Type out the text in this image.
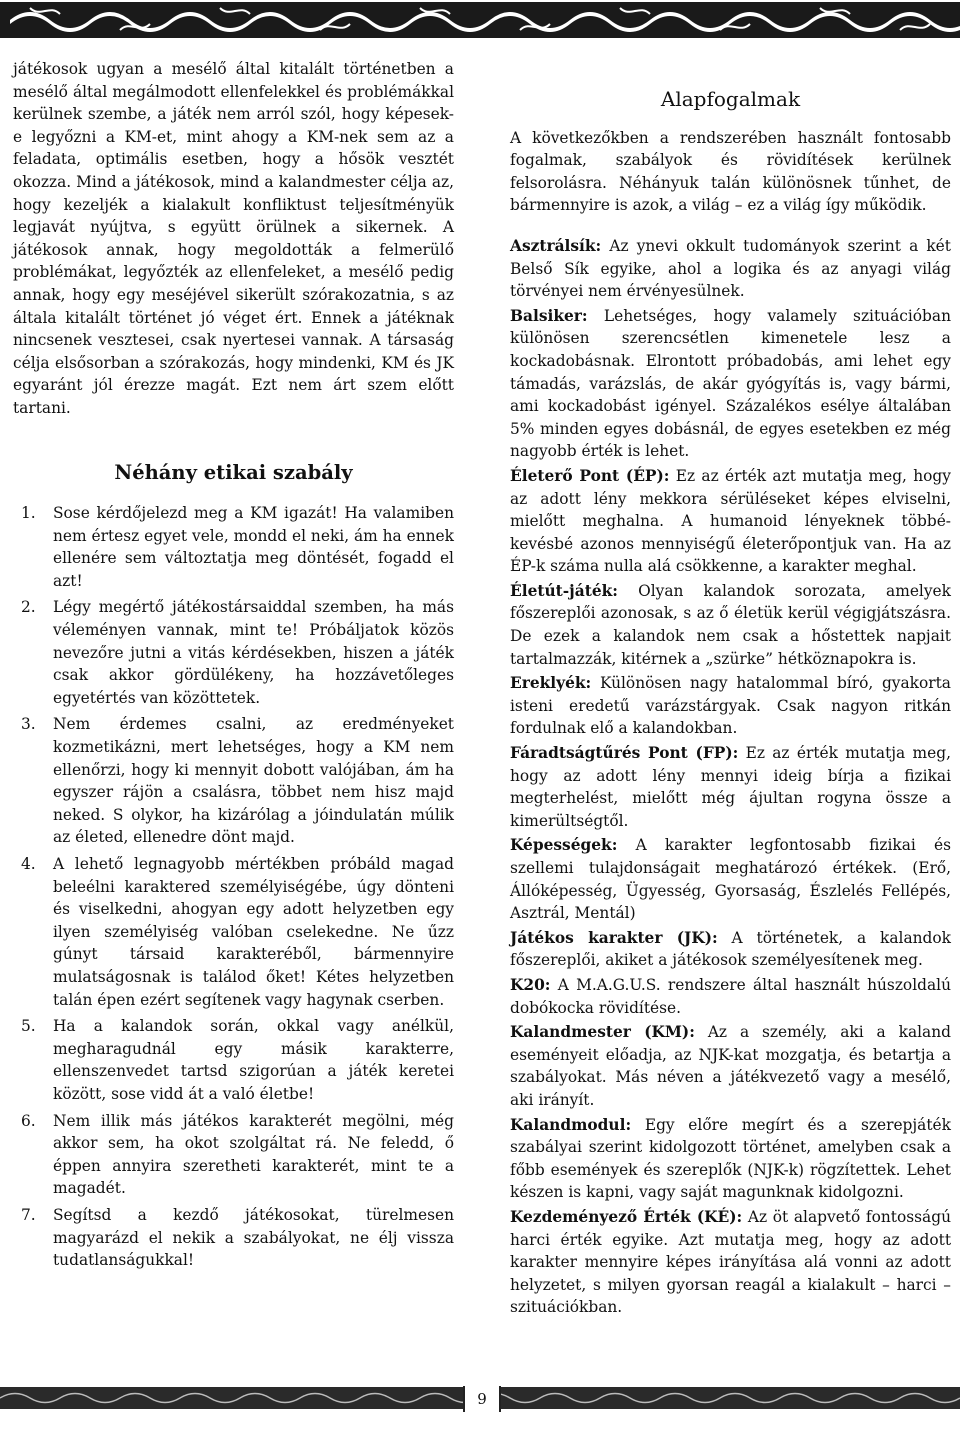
játékosok ugyan a mesélő által kitalált történetben a mesélő által megálmodott ellenfelekkel és problémákkal kerülnek szembe, a játék nem arról szól, hogy képesek-e legyőzni a KM-et, mint ahogy a KM-nek sem az a feladata, optimális esetben, hogy a hősök vesztét okozza. Mind a játékosok, mind a kalandmester célja az, hogy kezeljék a kialakult konfliktust teljesítményük legjavát nyújtva, s együtt örülnek a sikernek. A játékosok annak, hogy megoldották a felmerülő problémákat, legyőzték az ellenfeleket, a mesélő pedig annak, hogy egy meséjével sikerült szórakozatnia, s az általa kitalált történet jó véget ért. Ennek a játéknak nincsenek vesztesei, csak nyertesei vannak. A társaság célja elsősorban a szórakozás, hogy mindenki, KM és JK egyaránt jól érezze magát. Ezt nem árt szem előtt tartani.

Néhány etikai szabály
1. Sose kérdőjelezd meg a KM igazát! Ha valamiben nem értesz egyet vele, mondd el neki, ám ha ennek ellenére sem változtatja meg döntését, fogadd el azt!
2. Légy megértő játékostársaiddal szemben, ha más véleményen vannak, mint te! Próbáljatok közös nevezőre jutni a vitás kérdésekben, hiszen a játék csak akkor gördülékeny, ha hozzávetőleges egyetértés van közöttetek.
3. Nem érdemes csalni, az eredményeket kozmetikázni, mert lehetséges, hogy a KM nem ellenőrzi, hogy ki mennyit dobott valójában, ám ha egyszer rájön a csalásra, többet nem hisz majd neked. S olykor, ha kizárólag a jóindulatán múlik az életed, ellenedre dönt majd.
4. A lehető legnagyobb mértékben próbáld magad beleélni karaktered személyiségébe, úgy dönteni és viselkedni, ahogyan egy adott helyzetben egy ilyen személyiség valóban cselekedne. Ne űzz gúnyt társaid karakteréből, bármennyire mulatságosnak is találod őket! Kétes helyzetben talán épen ezért segítenek vagy hagynak cserben.
5. Ha a kalandok során, okkal vagy anélkül, megharagudnál egy másik karakterre, ellenszenvedet tartsd szigorúan a játék keretei között, sose vidd át a való életbe!
6. Nem illik más játékos karakterét megölni, még akkor sem, ha okot szolgáltat rá. Ne feledd, ő éppen annyira szeretheti karakterét, mint te a magadét.
7. Segítsd a kezdő játékosokat, türelmesen magyarázd el nekik a szabályokat, ne élj vissza tudatlanságukkal!
Alapfogalmak

A következőkben a rendszerében használt fontosabb fogalmak, szabályok és rövidítések kerülnek felsorolásra. Néhányuk talán különösnek tűnhet, de bármennyire is azok, a világ – ez a világ így működik.

Asztrálsík: Az ynevi okkult tudományok szerint a két Belső Sík egyike, ahol a logika és az anyagi világ törvényei nem érvényesülnek.

Balsiker: Lehetséges, hogy valamely szituációban különösen szerencsétlen kimenetele lesz a kockadobásnak. Elrontott próbadobás, ami lehet egy támadás, varázslás, de akár gyógyítás is, vagy bármi, ami kockadobást igényel. Százalékos esélye általában 5% minden egyes dobásnál, de egyes esetekben ez még nagyobb érték is lehet.

Életerő Pont (ÉP): Ez az érték azt mutatja meg, hogy az adott lény mekkora sérüléseket képes elviselni, mielőtt meghalna. A humanoid lényeknek többé-kevésbé azonos mennyiségű életerőpontjuk van. Ha az ÉP-k száma nulla alá csökkenne, a karakter meghal.

Életút-játék: Olyan kalandok sorozata, amelyek főszereplői azonosak, s az ő életük kerül végigjátszásra. De ezek a kalandok nem csak a hőstettek napjait tartalmazzák, kitérnek a „szürke” hétköznapokra is.

Ereklyék: Különösen nagy hatalommal bíró, gyakorta isteni eredetű varázstárgyak. Csak nagyon ritkán fordulnak elő a kalandokban.

Fáradtságtűrés Pont (FP): Ez az érték mutatja meg, hogy az adott lény mennyi ideig bírja a fizikai megterhelést, mielőtt még ájultan rogyna össze a kimerültségtől.

Képességek: A karakter legfontosabb fizikai és szellemi tulajdonságait meghatározó értékek. (Erő, Állóképesség, Ügyesség, Gyorsaság, Észlelés Fellépés, Asztrál, Mentál)

Játékos karakter (JK): A történetek, a kalandok főszereplői, akiket a játékosok személyesítenek meg.

K20: A M.A.G.U.S. rendszere által használt húszoldalú dobókocka rövidítése.

Kalandmester (KM): Az a személy, aki a kaland eseményeit előadja, az NJK-kat mozgatja, és betartja a szabályokat. Más néven a játékvezető vagy a mesélő, aki irányít.

Kalandmodul: Egy előre megírt és a szerepjáték szabályai szerint kidolgozott történet, amelyben csak a főbb események és szereplők (NJK-k) rögzítettek. Lehet készen is kapni, vagy saját magunknak kidolgozni.

Kezdeményező Érték (KÉ): Az öt alapvető fontosságú harci érték egyike. Azt mutatja meg, hogy az adott karakter mennyire képes irányítása alá vonni az adott helyzetet, s milyen gyorsan reagál a kialakult – harci – szituációkban.

9
